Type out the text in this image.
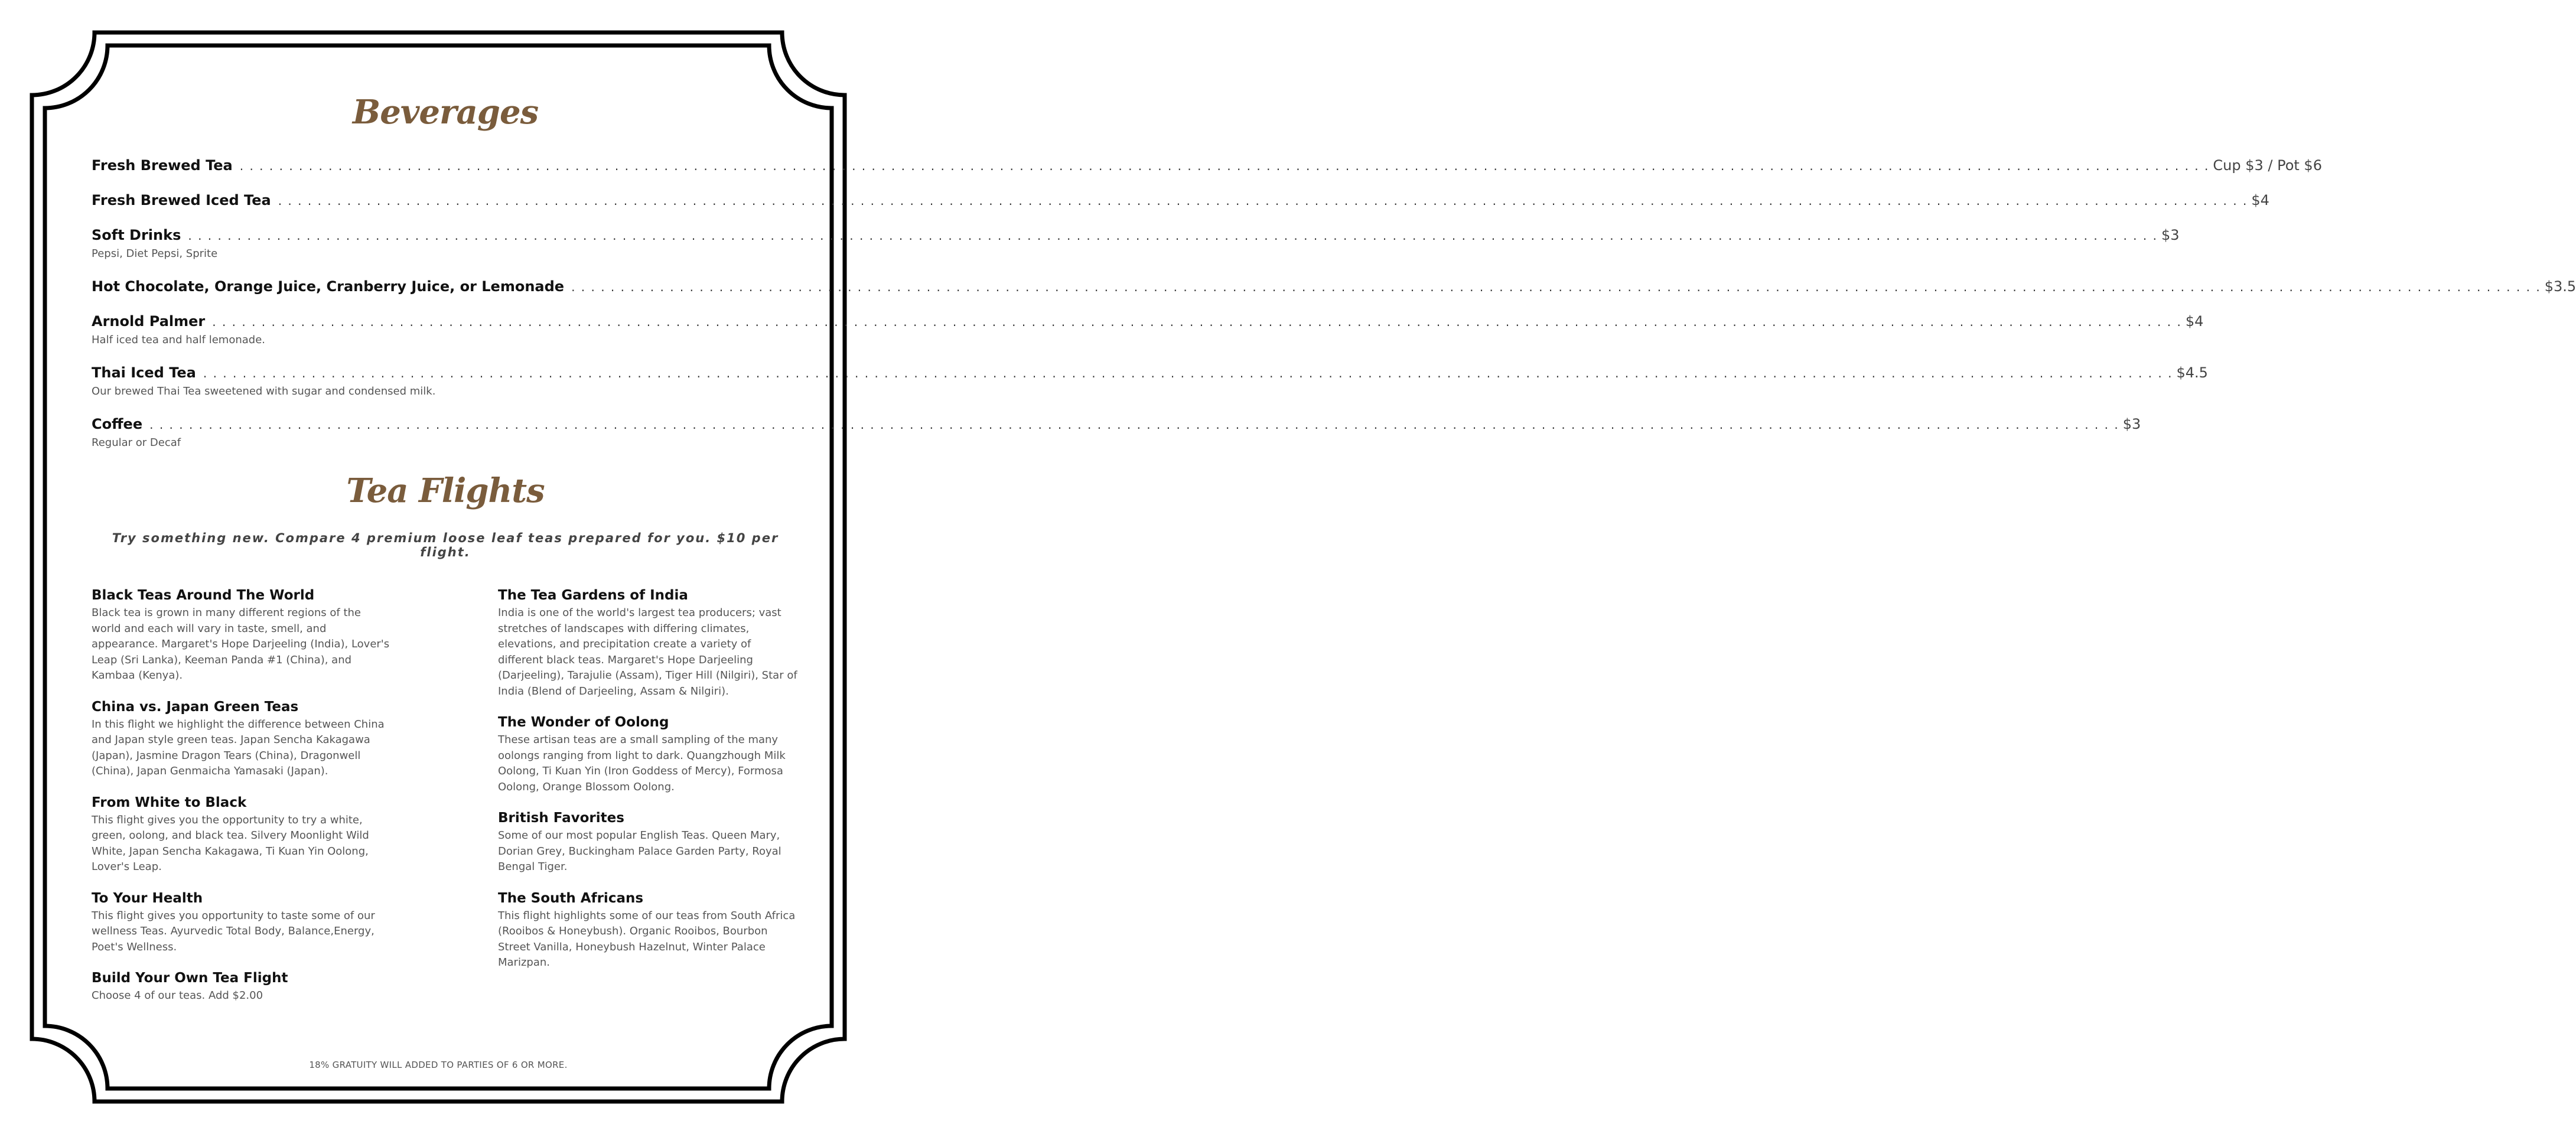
Beverages
Fresh Brewed Tea . . . . . . . . . . . . . . . . . . . . . . . . . . . . . . . . . . . . . . . . . . . . . . . . . . . . . . . . . . . . . . . . . . . . . . . . . . . . . . . . . . . . . . . . . . . . . . . . . . . . . . . . . . . . . . . . . . . . . . . . . . . . . . . . . . . . . . . . . . . . . . . . . . . . . . . . . . . . . . . . . . . . . . . . . . . . . . . . . . . . . . . . . . . . . . . . . . . . . . . . Cup $3 / Pot $6
Fresh Brewed Iced Tea . . . . . . . . . . . . . . . . . . . . . . . . . . . . . . . . . . . . . . . . . . . . . . . . . . . . . . . . . . . . . . . . . . . . . . . . . . . . . . . . . . . . . . . . . . . . . . . . . . . . . . . . . . . . . . . . . . . . . . . . . . . . . . . . . . . . . . . . . . . . . . . . . . . . . . . . . . . . . . . . . . . . . . . . . . . . . . . . . . . . . . . . . . . . . . . . . . . . . . . . $4
Soft Drinks . . . . . . . . . . . . . . . . . . . . . . . . . . . . . . . . . . . . . . . . . . . . . . . . . . . . . . . . . . . . . . . . . . . . . . . . . . . . . . . . . . . . . . . . . . . . . . . . . . . . . . . . . . . . . . . . . . . . . . . . . . . . . . . . . . . . . . . . . . . . . . . . . . . . . . . . . . . . . . . . . . . . . . . . . . . . . . . . . . . . . . . . . . . . . . . . . . . . . . . . $3
Pepsi, Diet Pepsi, Sprite
Hot Chocolate, Orange Juice, Cranberry Juice, or Lemonade . . . . . . . . . . . . . . . . . . . . . . . . . . . . . . . . . . . . . . . . . . . . . . . . . . . . . . . . . . . . . . . . . . . . . . . . . . . . . . . . . . . . . . . . . . . . . . . . . . . . . . . . . . . . . . . . . . . . . . . . . . . . . . . . . . . . . . . . . . . . . . . . . . . . . . . . . . . . . . . . . . . . . . . . . . . . . . . . . . . . . . . . . . . . . . . . . . . . . . . . $3.5
Arnold Palmer . . . . . . . . . . . . . . . . . . . . . . . . . . . . . . . . . . . . . . . . . . . . . . . . . . . . . . . . . . . . . . . . . . . . . . . . . . . . . . . . . . . . . . . . . . . . . . . . . . . . . . . . . . . . . . . . . . . . . . . . . . . . . . . . . . . . . . . . . . . . . . . . . . . . . . . . . . . . . . . . . . . . . . . . . . . . . . . . . . . . . . . . . . . . . . . . . . . . . . . . $4
Half iced tea and half lemonade.
Thai Iced Tea . . . . . . . . . . . . . . . . . . . . . . . . . . . . . . . . . . . . . . . . . . . . . . . . . . . . . . . . . . . . . . . . . . . . . . . . . . . . . . . . . . . . . . . . . . . . . . . . . . . . . . . . . . . . . . . . . . . . . . . . . . . . . . . . . . . . . . . . . . . . . . . . . . . . . . . . . . . . . . . . . . . . . . . . . . . . . . . . . . . . . . . . . . . . . . . . . . . . . . . . $4.5
Our brewed Thai Tea sweetened with sugar and condensed milk.
Coffee . . . . . . . . . . . . . . . . . . . . . . . . . . . . . . . . . . . . . . . . . . . . . . . . . . . . . . . . . . . . . . . . . . . . . . . . . . . . . . . . . . . . . . . . . . . . . . . . . . . . . . . . . . . . . . . . . . . . . . . . . . . . . . . . . . . . . . . . . . . . . . . . . . . . . . . . . . . . . . . . . . . . . . . . . . . . . . . . . . . . . . . . . . . . . . . . . . . . . . . . $3
Regular or Decaf
Tea Flights
Try something new. Compare 4 premium loose leaf teas prepared for you. $10 per flight.
Black Teas Around The World
Black tea is grown in many different regions of the world and each will vary in taste, smell, and appearance. Margaret's Hope Darjeeling (India), Lover's Leap (Sri Lanka), Keeman Panda #1 (China), and Kambaa (Kenya).
China vs. Japan Green Teas
In this flight we highlight the difference between China and Japan style green teas. Japan Sencha Kakagawa (Japan), Jasmine Dragon Tears (China), Dragonwell (China), Japan Genmaicha Yamasaki (Japan).
From White to Black
This flight gives you the opportunity to try a white, green, oolong, and black tea. Silvery Moonlight Wild White, Japan Sencha Kakagawa, Ti Kuan Yin Oolong, Lover's Leap.
To Your Health
This flight gives you opportunity to taste some of our wellness Teas. Ayurvedic Total Body, Balance,Energy, Poet's Wellness.
Build Your Own Tea Flight
Choose 4 of our teas. Add $2.00
The Tea Gardens of India
India is one of the world's largest tea producers; vast stretches of landscapes with differing climates, elevations, and precipitation create a variety of different black teas. Margaret's Hope Darjeeling (Darjeeling), Tarajulie (Assam), Tiger Hill (Nilgiri), Star of India (Blend of Darjeeling, Assam & Nilgiri).
The Wonder of Oolong
These artisan teas are a small sampling of the many oolongs ranging from light to dark. Quangzhough Milk Oolong, Ti Kuan Yin (Iron Goddess of Mercy), Formosa Oolong, Orange Blossom Oolong.
British Favorites
Some of our most popular English Teas. Queen Mary, Dorian Grey, Buckingham Palace Garden Party, Royal Bengal Tiger.
The South Africans
This flight highlights some of our teas from South Africa (Rooibos & Honeybush). Organic Rooibos, Bourbon Street Vanilla, Honeybush Hazelnut, Winter Palace Marizpan.
18% GRATUITY WILL ADDED TO PARTIES OF 6 OR MORE.
